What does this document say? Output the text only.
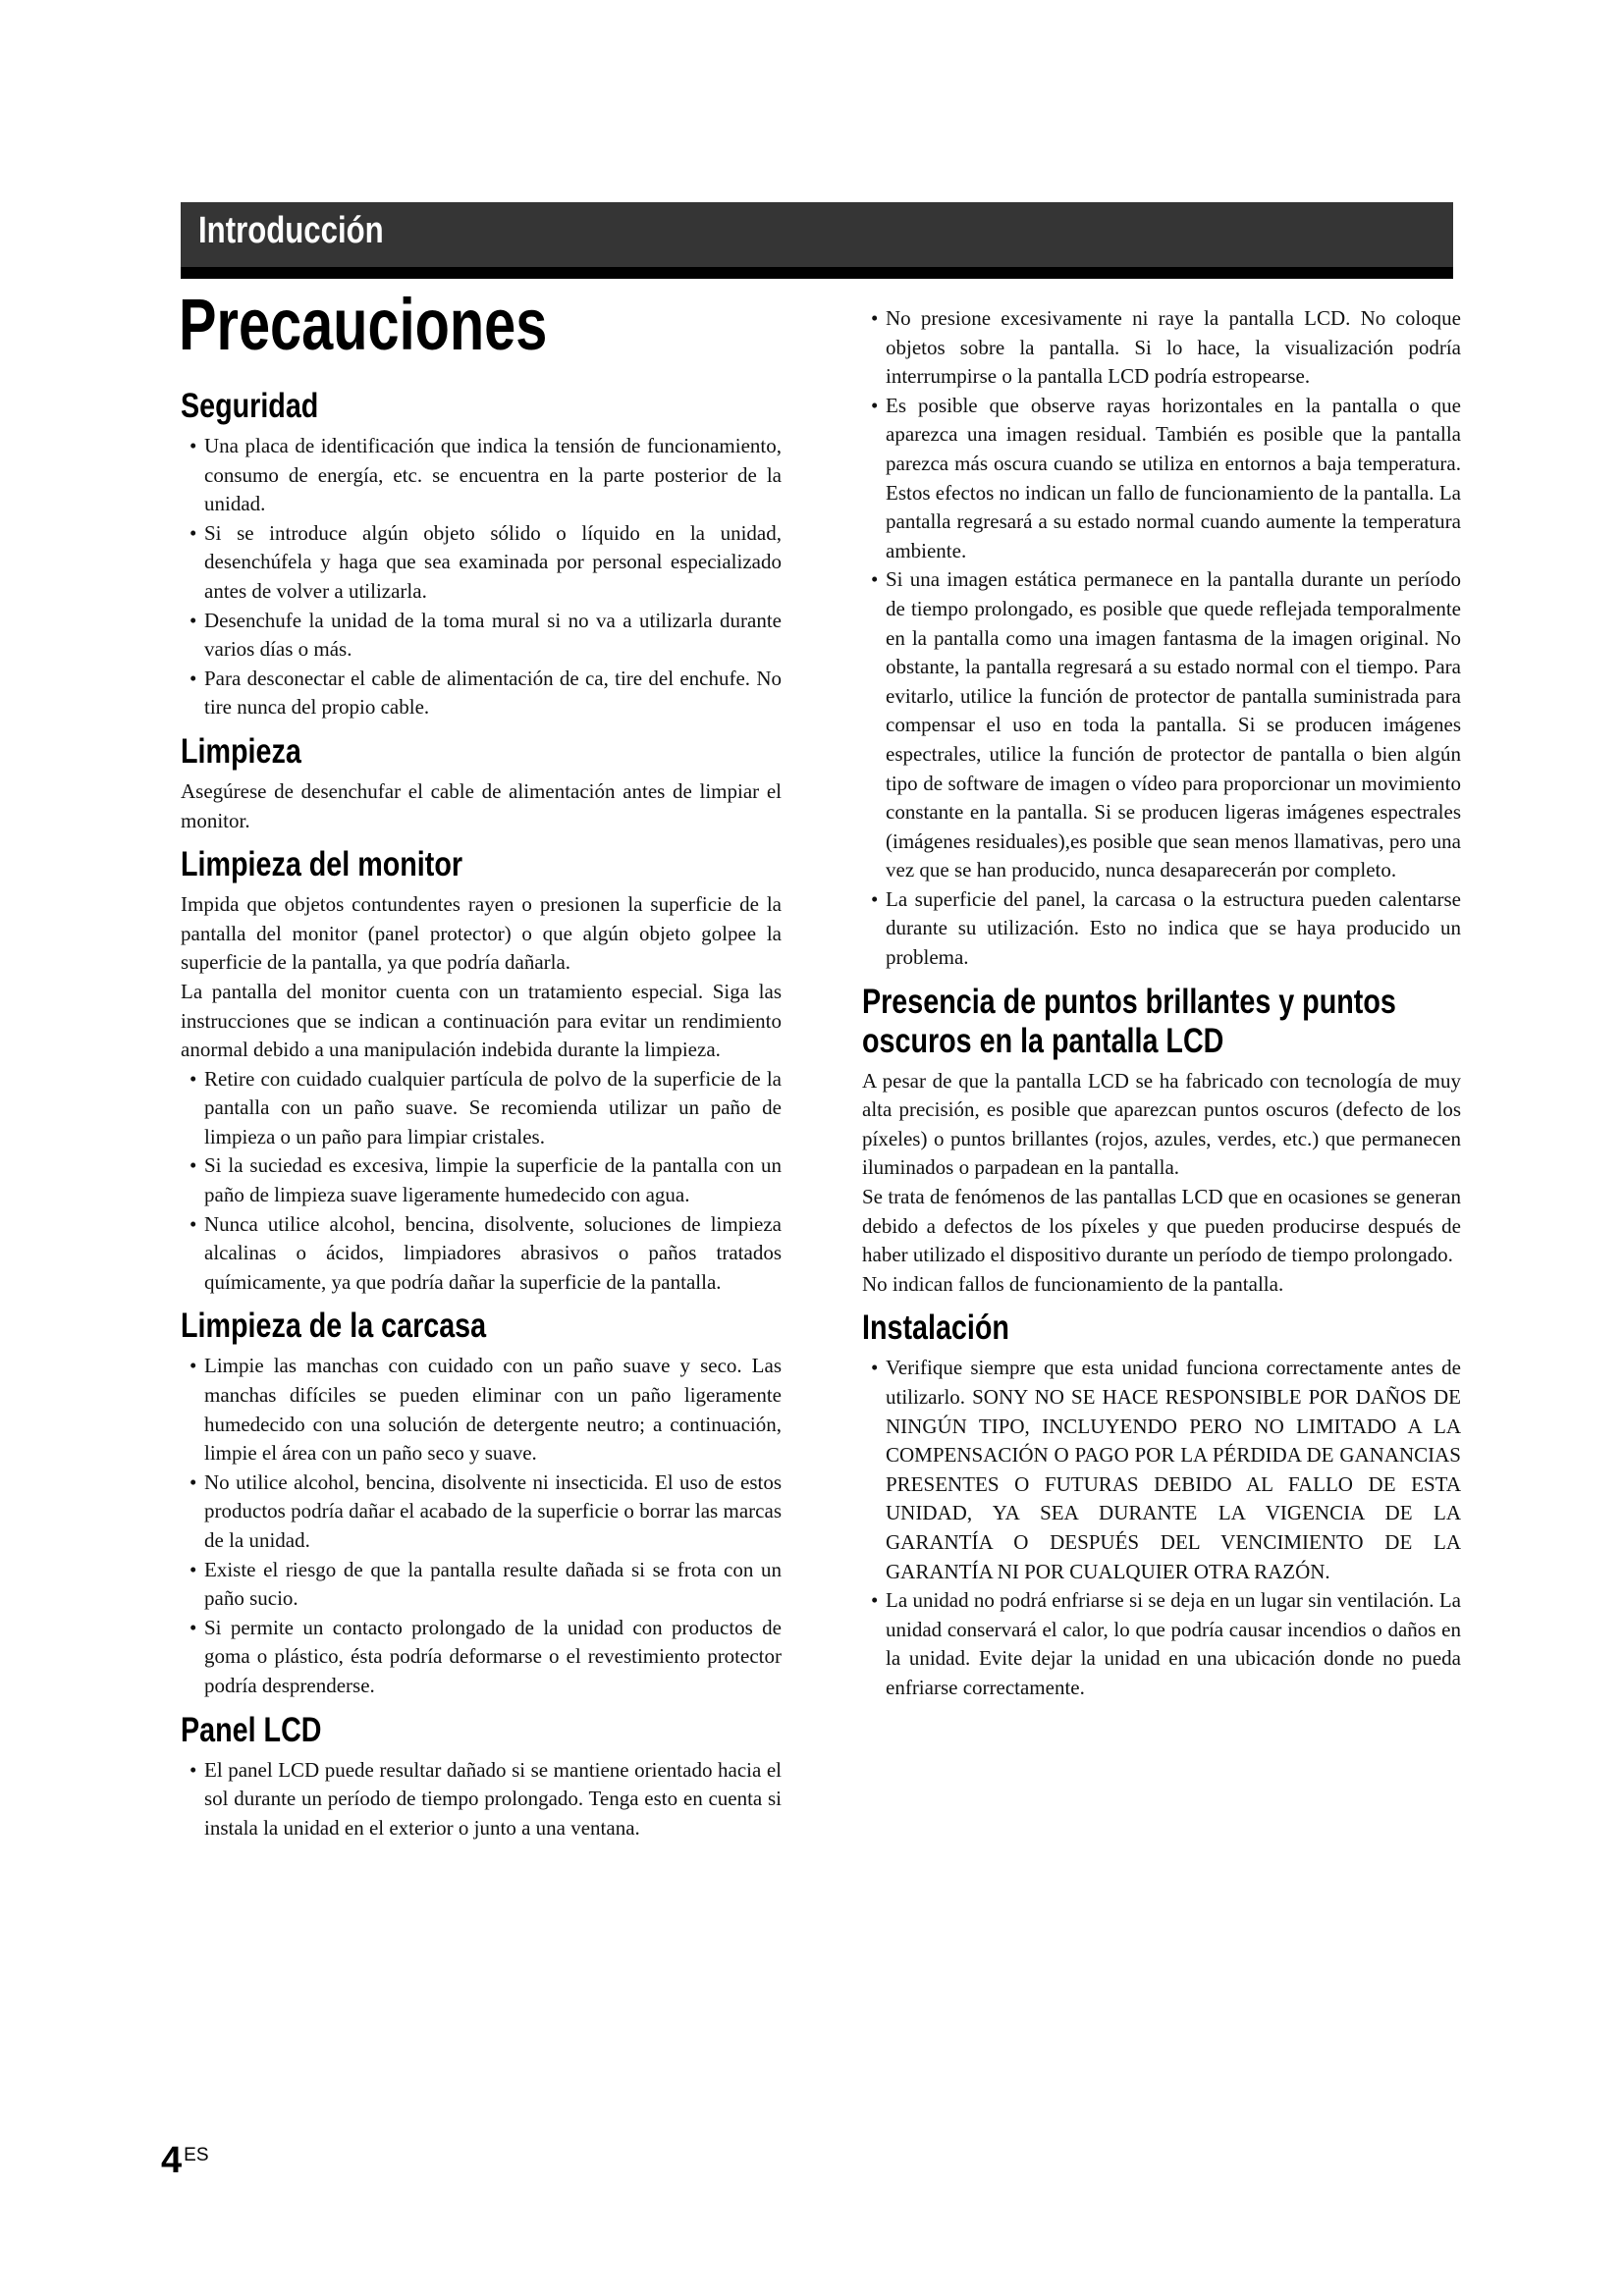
Introducción
Precauciones
Seguridad
• Una placa de identificación que indica la tensión de funcionamiento, consumo de energía, etc. se encuentra en la parte posterior de la unidad.
• Si se introduce algún objeto sólido o líquido en la unidad, desenchúfela y haga que sea examinada por personal especializado antes de volver a utilizarla.
• Desenchufe la unidad de la toma mural si no va a utilizarla durante varios días o más.
• Para desconectar el cable de alimentación de ca, tire del enchufe. No tire nunca del propio cable.
Limpieza

Asegúrese de desenchufar el cable de alimentación antes de limpiar el monitor.

Limpieza del monitor

Impida que objetos contundentes rayen o presionen la superficie de la pantalla del monitor (panel protector) o que algún objeto golpee la superficie de la pantalla, ya que podría dañarla.

La pantalla del monitor cuenta con un tratamiento especial. Siga las instrucciones que se indican a continuación para evitar un rendimiento anormal debido a una manipulación indebida durante la limpieza.

• Retire con cuidado cualquier partícula de polvo de la superficie de la pantalla con un paño suave. Se recomienda utilizar un paño de limpieza o un paño para limpiar cristales.
• Si la suciedad es excesiva, limpie la superficie de la pantalla con un paño de limpieza suave ligeramente humedecido con agua.
• Nunca utilice alcohol, bencina, disolvente, soluciones de limpieza alcalinas o ácidos, limpiadores abrasivos o paños tratados químicamente, ya que podría dañar la superficie de la pantalla.
Limpieza de la carcasa
• Limpie las manchas con cuidado con un paño suave y seco. Las manchas difíciles se pueden eliminar con un paño ligeramente humedecido con una solución de detergente neutro; a continuación, limpie el área con un paño seco y suave.
• No utilice alcohol, bencina, disolvente ni insecticida. El uso de estos productos podría dañar el acabado de la superficie o borrar las marcas de la unidad.
• Existe el riesgo de que la pantalla resulte dañada si se frota con un paño sucio.
• Si permite un contacto prolongado de la unidad con productos de goma o plástico, ésta podría deformarse o el revestimiento protector podría desprenderse.
Panel LCD
• El panel LCD puede resultar dañado si se mantiene orientado hacia el sol durante un período de tiempo prolongado. Tenga esto en cuenta si instala la unidad en el exterior o junto a una ventana.
• No presione excesivamente ni raye la pantalla LCD. No coloque objetos sobre la pantalla. Si lo hace, la visualización podría interrumpirse o la pantalla LCD podría estropearse.
• Es posible que observe rayas horizontales en la pantalla o que aparezca una imagen residual. También es posible que la pantalla parezca más oscura cuando se utiliza en entornos a baja temperatura. Estos efectos no indican un fallo de funcionamiento de la pantalla. La pantalla regresará a su estado normal cuando aumente la temperatura ambiente.
• Si una imagen estática permanece en la pantalla durante un período de tiempo prolongado, es posible que quede reflejada temporalmente en la pantalla como una imagen fantasma de la imagen original. No obstante, la pantalla regresará a su estado normal con el tiempo. Para evitarlo, utilice la función de protector de pantalla suministrada para compensar el uso en toda la pantalla. Si se producen imágenes espectrales, utilice la función de protector de pantalla o bien algún tipo de software de imagen o vídeo para proporcionar un movimiento constante en la pantalla. Si se producen ligeras imágenes espectrales (imágenes residuales),es posible que sean menos llamativas, pero una vez que se han producido, nunca desaparecerán por completo.
• La superficie del panel, la carcasa o la estructura pueden calentarse durante su utilización. Esto no indica que se haya producido un problema.
Presencia de puntos brillantes y puntos oscuros en la pantalla LCD

A pesar de que la pantalla LCD se ha fabricado con tecnología de muy alta precisión, es posible que aparezcan puntos oscuros (defecto de los píxeles) o puntos brillantes (rojos, azules, verdes, etc.) que permanecen iluminados o parpadean en la pantalla.

Se trata de fenómenos de las pantallas LCD que en ocasiones se generan debido a defectos de los píxeles y que pueden producirse después de haber utilizado el dispositivo durante un período de tiempo prolongado.

No indican fallos de funcionamiento de la pantalla.

Instalación
• Verifique siempre que esta unidad funciona correctamente antes de utilizarlo. SONY NO SE HACE RESPONSIBLE POR DAÑOS DE NINGÚN TIPO, INCLUYENDO PERO NO LIMITADO A LA COMPENSACIÓN O PAGO POR LA PÉRDIDA DE GANANCIAS PRESENTES O FUTURAS DEBIDO AL FALLO DE ESTA UNIDAD, YA SEA DURANTE LA VIGENCIA DE LA GARANTÍA O DESPUÉS DEL VENCIMIENTO DE LA GARANTÍA NI POR CUALQUIER OTRA RAZÓN.
• La unidad no podrá enfriarse si se deja en un lugar sin ventilación. La unidad conservará el calor, lo que podría causar incendios o daños en la unidad. Evite dejar la unidad en una ubicación donde no pueda enfriarse correctamente.
4 ES
